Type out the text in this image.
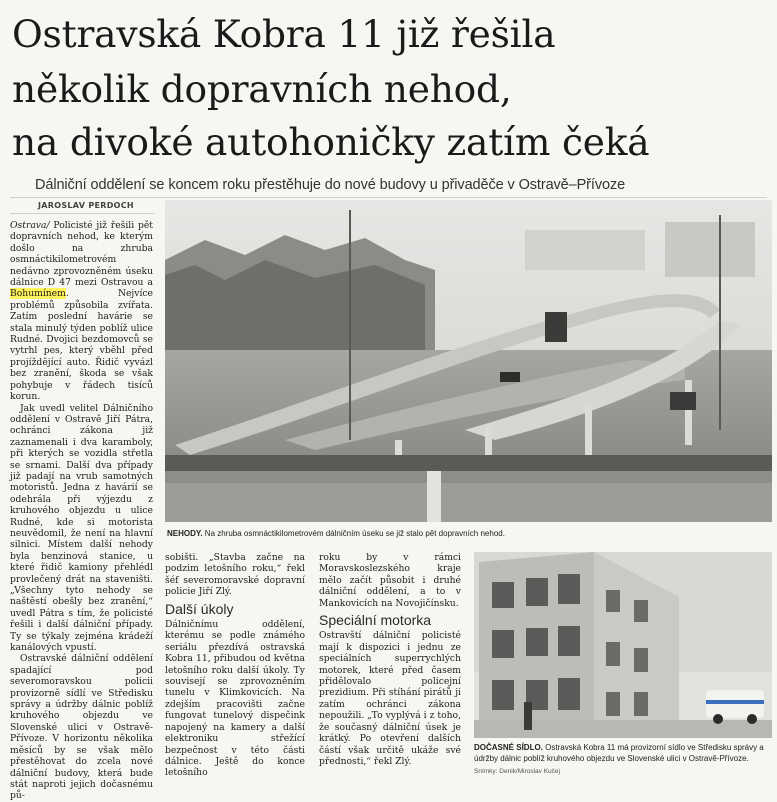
Ostravská Kobra 11 již řešila
několik dopravních nehod,
na divoké autohoničky zatím čeká
Dálniční oddělení se koncem roku přestěhuje do nové budovy u přivaděče v Ostravě–Přívoze
JAROSLAV PERDOCH

Ostrava/ Policisté již řešili pět dopravních nehod, ke kterým došlo na zhruba osmnáctikilometrovém nedávno zprovozněném úseku dálnice D 47 mezi Ostravou a Bohumínem. Nejvíce problémů způsobila zvířata. Zatím poslední havárie se stala minulý týden poblíž ulice Rudné. Dvojici bezdomovců se vytrhl pes, který vběhl před projíždějící auto. Řidič vyvázl bez zranění, škoda se však pohybuje v řádech tisíců korun.

Jak uvedl velitel Dálničního oddělení v Ostravě Jiří Pátra, ochránci zákona již zaznamenali i dva karamboly, při kterých se vozidla střetla se srnami. Další dva případy již padají na vrub samotných motoristů. Jedna z havárií se odehrála při výjezdu z kruhového objezdu u ulice Rudné, kde si motorista neuvědomil, že není na hlavní silnici. Místem další nehody byla benzinová stanice, u které řidič kamiony přehlédl provlečený drát na staveništi. „Všechny tyto nehody se naštěstí obešly bez zranění,“ uvedl Pátra s tím, že policisté řešili i další dálniční případy. Ty se týkaly zejména krádeží kanálových vpustí.

Ostravské dálniční oddělení spadající pod severomoravskou policii provizorně sídlí ve Středisku správy a údržby dálnic poblíž kruhového objezdu ve Slovenské ulici v Ostravě-Přívoze. V horizontu několika měsíců by se však mělo přestěhovat do zcela nové dálniční budovy, která bude stát naproti jejich dočasnému pů-

NEHODY. Na zhruba osmnáctikilometrovém dálničním úseku se již stalo pět dopravních nehod.

sobišti. „Stavba začne na podzim letošního roku,“ řekl šéf severomoravské dopravní policie Jiří Zlý.

Další úkoly

Dálničnímu oddělení, kterému se podle známého seriálu přezdívá ostravská Kobra 11, přibudou od května letošního roku další úkoly. Ty souvisejí se zprovozněním tunelu v Klimkovicích. Na zdejším pracovišti začne fungovat tunelový dispečink napojený na kamery a další elektroniku střežící bezpečnost v této části dálnice. Ještě do konce letošního

roku by v rámci Moravskoslezského kraje mělo začít působit i druhé dálniční oddělení, a to v Mankovicích na Novojičínsku.

Speciální motorka

Ostravští dálniční policisté mají k dispozici i jednu ze speciálních superrychlých motorek, které před časem přidělovalo policejní prezidium. Při stíhání pirátů ji zatím ochránci zákona nepoužili. „To vyplývá i z toho, že současný dálniční úsek je krátký. Po otevření dalších částí však určitě ukáže své přednosti,“ řekl Zlý.

DOČASNÉ SÍDLO. Ostravská Kobra 11 má provizorní sídlo ve Středisku správy a údržby dálnic poblíž kruhového objezdu ve Slovenské ulici v Ostravě-Přívoze. Snímky: Denik/Miroslav Kučej
